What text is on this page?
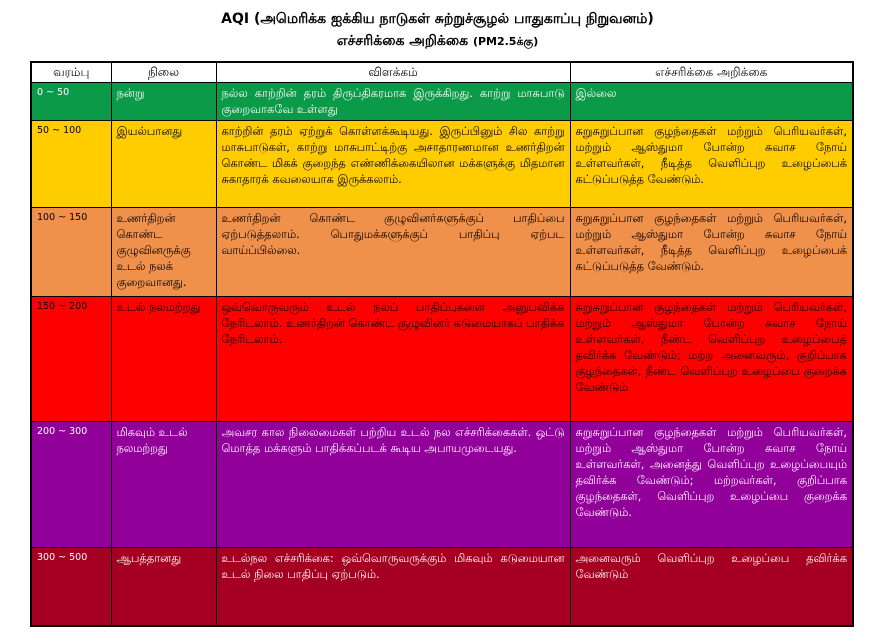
AQI (அமெரிக்க ஐக்கிய நாடுகள் சுற்றுச்சூழல் பாதுகாப்பு நிறுவனம்)
எச்சரிக்கை அறிக்கை (PM2.5க்கு)
வரம்பு	நிலை	விளக்கம்	எச்சரிக்கை அறிக்கை
0 ~ 50	நன்று	நல்ல காற்றின் தரம் திருப்திகரமாக இருக்கிறது. காற்று மாசுபாடு குறைவாகவே உள்ளது	இல்லை
50 ~ 100	இயல்பானது	காற்றின் தரம் ஏற்றுக் கொள்ளக்கூடியது. இருப்பினும் சில காற்று மாசுபாடுகள், காற்று மாசுபாட்டிற்கு அசாதாரணமான உணர்திறன் கொண்ட மிகக் குறைந்த எண்ணிக்கையிலான மக்களுக்கு மிதமான சுகாதாரக் கவலையாக இருக்கலாம்.	சுறுசுறுப்பான குழந்தைகள் மற்றும் பெரியவர்கள், மற்றும் ஆஸ்துமா போன்ற சுவாச நோய் உள்ளவர்கள், நீடித்த வெளிப்புற உழைப்பைக் கட்டுப்படுத்த வேண்டும்.
100 ~ 150	உணர்திறன் கொண்ட குழுவினருக்கு உடல் நலக் குறைவானது.	உணர்திறன் கொண்ட குழுவினர்களுக்குப் பாதிப்பை ஏற்படுத்தலாம். பொதுமக்களுக்குப் பாதிப்பு ஏற்பட வாய்ப்பில்லை.	சுறுசுறுப்பான குழந்தைகள் மற்றும் பெரியவர்கள், மற்றும் ஆஸ்துமா போன்ற சுவாச நோய் உள்ளவர்கள், நீடித்த வெளிப்புற உழைப்பைக் கட்டுப்படுத்த வேண்டும்.
150 ~ 200	உடல் நலமற்றது	ஒவ்வொருவரும் உடல் நலப் பாதிப்புகளை அனுபவிக்க நேரிடலாம். உணர்திறன் கொண்ட குழுவினர் கடுமையாகப் பாதிக்க நேரிடலாம்.	சுறுசுறுப்பான குழந்தைகள் மற்றும் பெரியவர்கள், மற்றும் ஆஸ்துமா போன்ற சுவாச நோய் உள்ளவர்கள், நீண்ட வெளிப்புற உழைப்பைத் தவிர்க்க வேண்டும்; மற்ற அனைவரும், குறிப்பாக குழந்தைகள், நீண்ட வெளிப்புற உழைப்பை குறைக்க வேண்டும்
200 ~ 300	மிகவும் உடல் நலமற்றது	அவசர கால நிலைமைகள் பற்றிய உடல் நல எச்சரிக்கைகள். ஒட்டு மொத்த மக்களும் பாதிக்கப்படக் கூடிய அபாயமுடையது.	சுறுசுறுப்பான குழந்தைகள் மற்றும் பெரியவர்கள், மற்றும் ஆஸ்துமா போன்ற சுவாச நோய் உள்ளவர்கள், அனைத்து வெளிப்புற உழைப்பையும் தவிர்க்க வேண்டும்; மற்றவர்கள், குறிப்பாக குழந்தைகள், வெளிப்புற உழைப்பை குறைக்க வேண்டும்.
300 ~ 500	ஆபத்தானது	உடல்நல எச்சரிக்கை: ஒவ்வொருவருக்கும் மிகவும் கடுமையான உடல் நிலை பாதிப்பு ஏற்படும்.	அனைவரும் வெளிப்புற உழைப்பை தவிர்க்க வேண்டும்
